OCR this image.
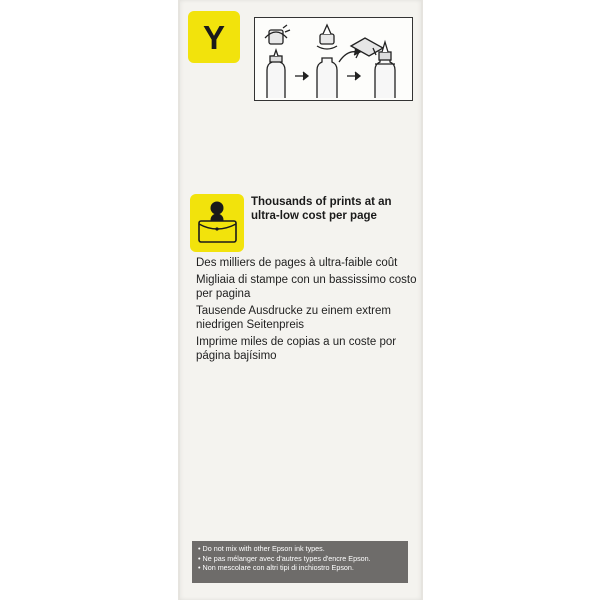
Y
Thousands of prints at an
ultra-low cost per page
Des milliers de pages à ultra-faible coût
Migliaia di stampe con un bassissimo costo
per pagina
Tausende Ausdrucke zu einem extrem
niedrigen Seitenpreis
Imprime miles de copias a un coste por
página bajísimo
• Do not mix with other Epson ink types.
• Ne pas mélanger avec d'autres types d'encre Epson.
• Non mescolare con altri tipi di inchiostro Epson.
